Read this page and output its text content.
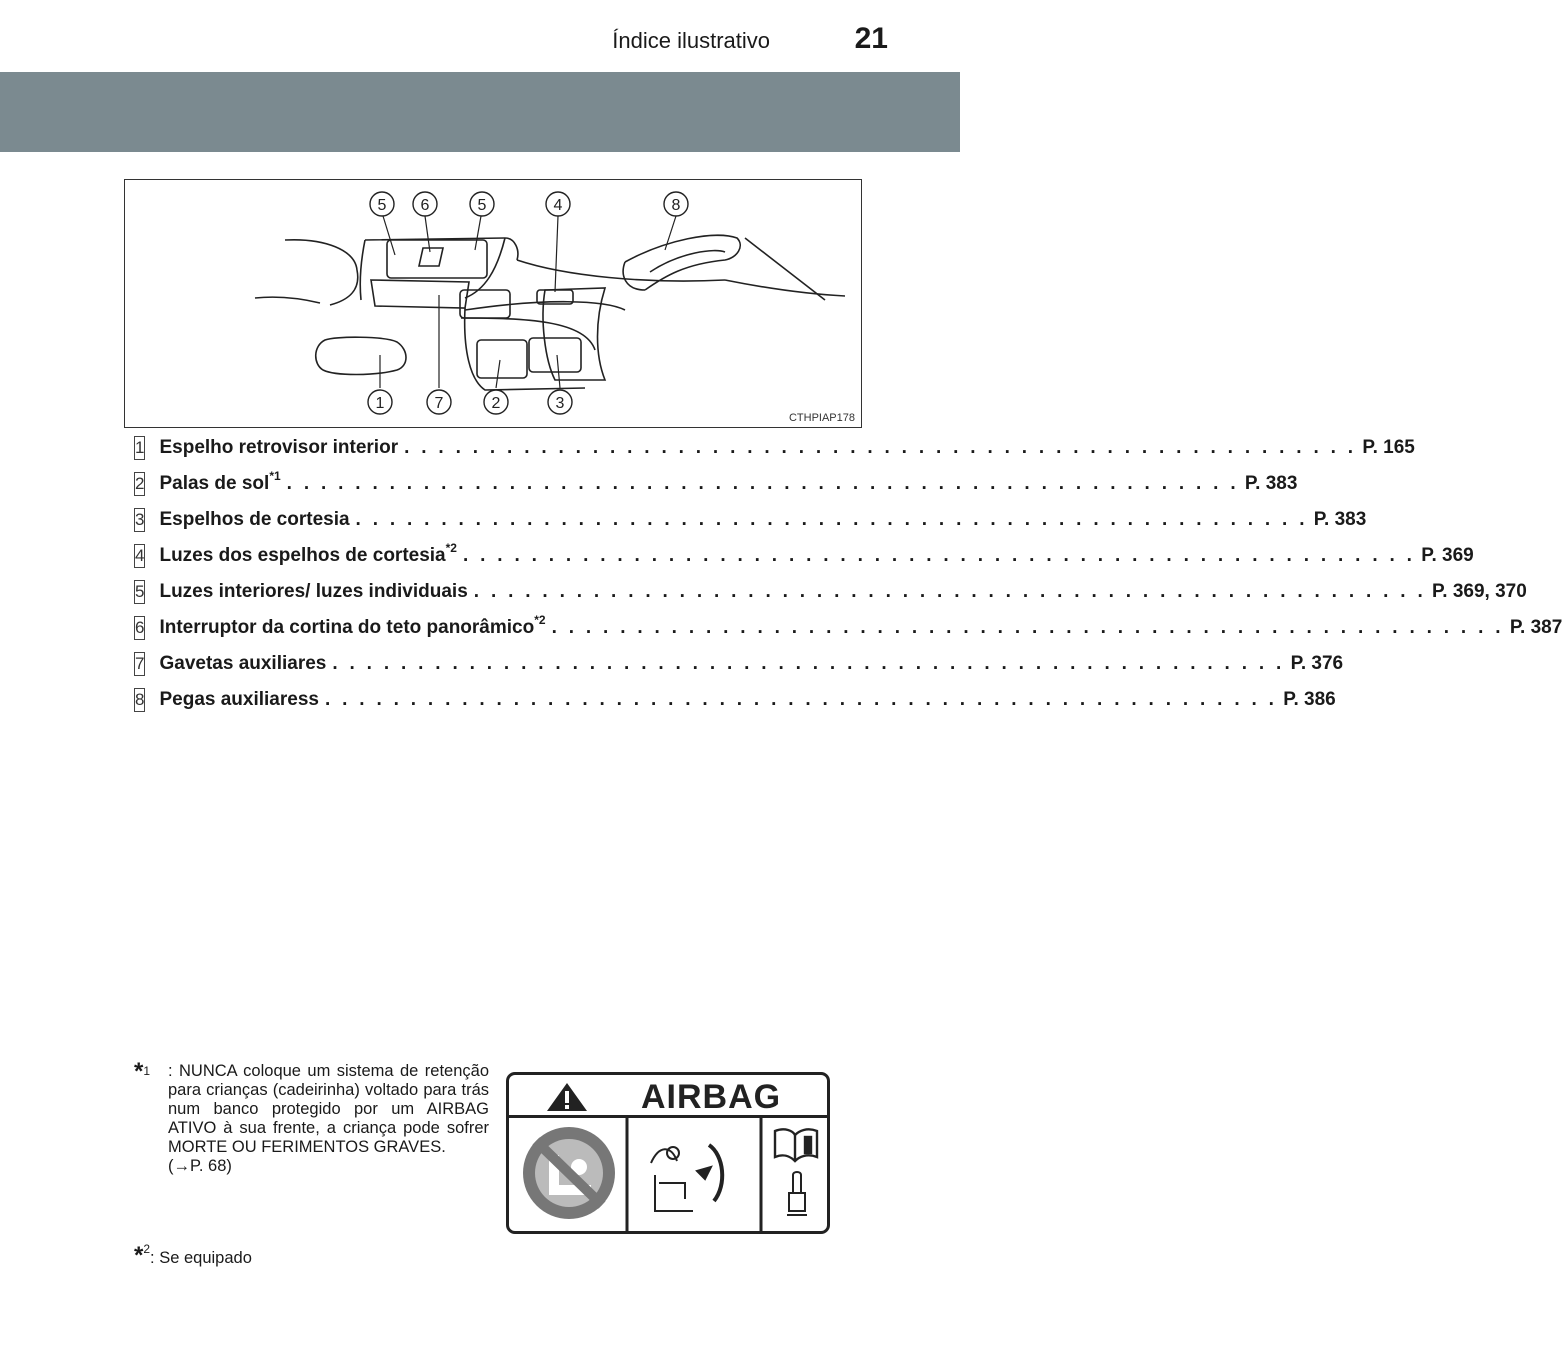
Índice ilustrativo	21
5 6	5	4	8
1	7	2	3
CTHPIAP178
1 Espelho retrovisor interior . . . . . . . . . . . . . . . . . . . . . . . . . . . . . . . . . . . . . . . . . . . . . . . . . . . . . . . . P. 165
2 Palas de sol$^{*1}$ . . . . . . . . . . . . . . . . . . . . . . . . . . . . . . . . . . . . . . . . . . . . . . . . . . . . . . . . P. 383
3 Espelhos de cortesia . . . . . . . . . . . . . . . . . . . . . . . . . . . . . . . . . . . . . . . . . . . . . . . . . . . . . . . . P. 383
4 Luzes dos espelhos de cortesia$^{*2}$ . . . . . . . . . . . . . . . . . . . . . . . . . . . . . . . . . . . . . . . . . . . . . . . . . . . . . . . . P. 369
5 Luzes interiores/ luzes individuais . . . . . . . . . . . . . . . . . . . . . . . . . . . . . . . . . . . . . . . . . . . . . . . . . . . . . . . . P. 369, 370
6 Interruptor da cortina do teto panorâmico$^{*2}$ . . . . . . . . . . . . . . . . . . . . . . . . . . . . . . . . . . . . . . . . . . . . . . . . . . . . . . . . P. 387
7 Gavetas auxiliares . . . . . . . . . . . . . . . . . . . . . . . . . . . . . . . . . . . . . . . . . . . . . . . . . . . . . . . . P. 376
8 Pegas auxiliaress . . . . . . . . . . . . . . . . . . . . . . . . . . . . . . . . . . . . . . . . . . . . . . . . . . . . . . . . P. 386
*$^1$ : NUNCA coloque um sistema de retenção para crianças (cadeirinha) voltado para trás num banco protegido por um AIRBAG ATIVO à sua frente, a criança pode sofrer MORTE OU FERIMENTOS GRAVES.
(→P. 68)
*$^2$: Se equipado
AIRBAG
